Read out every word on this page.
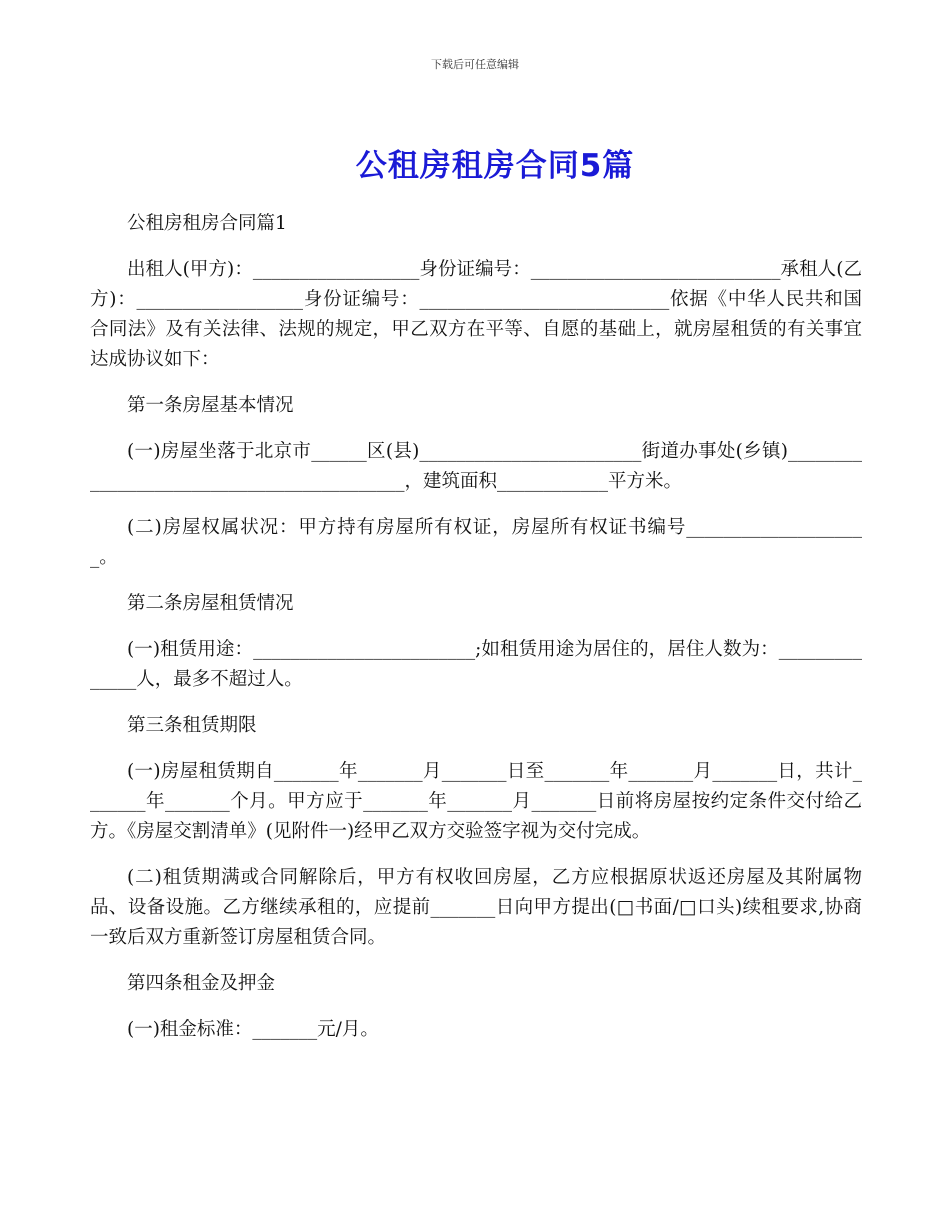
下载后可任意编辑
公租房租房合同5篇

公租房租房合同篇1

出租人(甲方)：__________________身份证编号：___________________________承租人(乙方)：__________________身份证编号：___________________________依据《中华人民共和国合同法》及有关法律、法规的规定，甲乙双方在平等、自愿的基础上，就房屋租赁的有关事宜达成协议如下：

第一条房屋基本情况

(一)房屋坐落于北京市______区(县)________________________街道办事处(乡镇)__________________________________________，建筑面积____________平方米。

(二)房屋权属状况：甲方持有房屋所有权证，房屋所有权证书编号____________________。

第二条房屋租赁情况

(一)租赁用途：________________________;如租赁用途为居住的，居住人数为：______________人，最多不超过人。

第三条租赁期限

(一)房屋租赁期自_______年_______月_______日至_______年_______月_______日，共计_______年_______个月。甲方应于_______年_______月_______日前将房屋按约定条件交付给乙方。《房屋交割清单》(见附件一)经甲乙双方交验签字视为交付完成。

(二)租赁期满或合同解除后，甲方有权收回房屋，乙方应根据原状返还房屋及其附属物品、设备设施。乙方继续承租的，应提前_______日向甲方提出(□书面/□口头)续租要求,协商一致后双方重新签订房屋租赁合同。

第四条租金及押金

(一)租金标准：_______元/月。
